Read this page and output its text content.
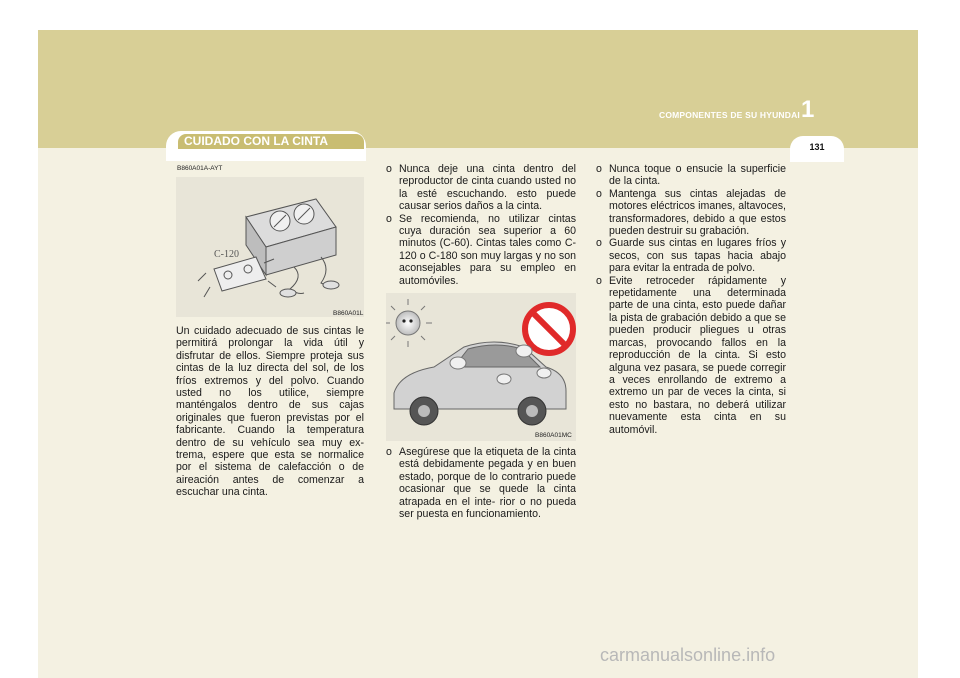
COMPONENTES DE SU HYUNDAI 1
131
CUIDADO CON LA CINTA
B860A01A-AYT
C-120
B860A01L

Un cuidado adecuado de sus cintas le permitirá prolongar la vida útil y disfrutar de ellos. Siempre proteja sus cintas de la luz directa del sol, de los fríos extremos y del polvo. Cuando usted no los utilice, siempre manténgalos dentro de sus cajas originales que fueron previstas por el fabricante. Cuando la temperatura dentro de su vehículo sea muy ex- trema, espere que esta se normalice por el sistema de calefacción o de aireación antes de comenzar a escuchar una cinta.

o Nunca deje una cinta dentro del reproductor de cinta cuando usted no la esté escuchando. esto puede causar serios daños a la cinta.
o Se recomienda, no utilizar cintas cuya duración sea superior a 60 minutos (C-60). Cintas tales como C-120 o C-180 son muy largas y no son aconsejables para su empleo en automóviles.
B860A01MC
o Asegúrese que la etiqueta de la cinta está debidamente pegada y en buen estado, porque de lo contrario puede ocasionar que se quede la cinta atrapada en el inte- rior o no pueda ser puesta en funcionamiento.
o Nunca toque o ensucie la superficie de la cinta.
o Mantenga sus cintas alejadas de motores eléctricos imanes, altavoces, transformadores, debido a que estos pueden destruir su grabación.
o Guarde sus cintas en lugares fríos y secos, con sus tapas hacia abajo para evitar la entrada de polvo.
o Evite retroceder rápidamente y repetidamente una determinada parte de una cinta, esto puede dañar la pista de grabación debido a que se pueden producir pliegues u otras marcas, provocando fallos en la reproducción de la cinta. Si esto alguna vez pasara, se puede corregir a veces enrollando de extremo a extremo un par de veces la cinta, si esto no bastara, no deberá utilizar nuevamente esta cinta en su automóvil.
carmanualsonline.info
